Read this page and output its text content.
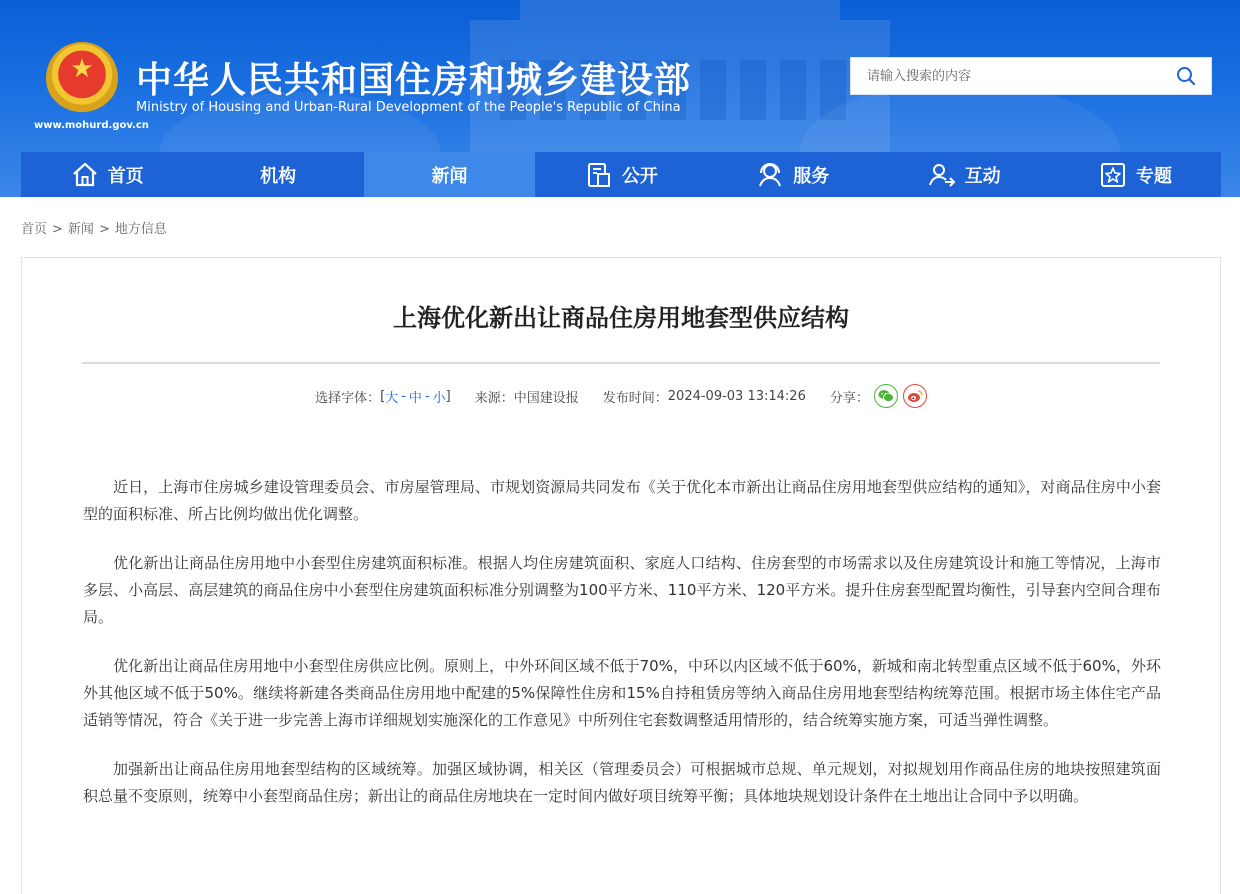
★
www.mohurd.gov.cn
中华人民共和国住房和城乡建设部
Ministry of Housing and Urban-Rural Development of the People's Republic of China
请输入搜索的内容
首页	机构	新闻	公开	服务	互动	专题
首页 > 新闻 > 地方信息
上海优化新出让商品住房用地套型供应结构
选择字体： [ 大 - 中 - 小 ] 来源： 中国建设报 发布时间： 2024-09-03 13:14:26 分享：

近日，上海市住房城乡建设管理委员会、市房屋管理局、市规划资源局共同发布《关于优化本市新出让商品住房用地套型供应结构的通知》，对商品住房中小套型的面积标准、所占比例均做出优化调整。

优化新出让商品住房用地中小套型住房建筑面积标准。根据人均住房建筑面积、家庭人口结构、住房套型的市场需求以及住房建筑设计和施工等情况，上海市多层、小高层、高层建筑的商品住房中小套型住房建筑面积标准分别调整为100平方米、110平方米、120平方米。提升住房套型配置均衡性，引导套内空间合理布局。

优化新出让商品住房用地中小套型住房供应比例。原则上，中外环间区域不低于70%，中环以内区域不低于60%，新城和南北转型重点区域不低于60%，外环外其他区域不低于50%。继续将新建各类商品住房用地中配建的5%保障性住房和15%自持租赁房等纳入商品住房用地套型结构统筹范围。根据市场主体住宅产品适销等情况，符合《关于进一步完善上海市详细规划实施深化的工作意见》中所列住宅套数调整适用情形的，结合统筹实施方案，可适当弹性调整。

加强新出让商品住房用地套型结构的区域统筹。加强区域协调，相关区（管理委员会）可根据城市总规、单元规划，对拟规划用作商品住房的地块按照建筑面积总量不变原则，统筹中小套型商品住房；新出让的商品住房地块在一定时间内做好项目统筹平衡；具体地块规划设计条件在土地出让合同中予以明确。
